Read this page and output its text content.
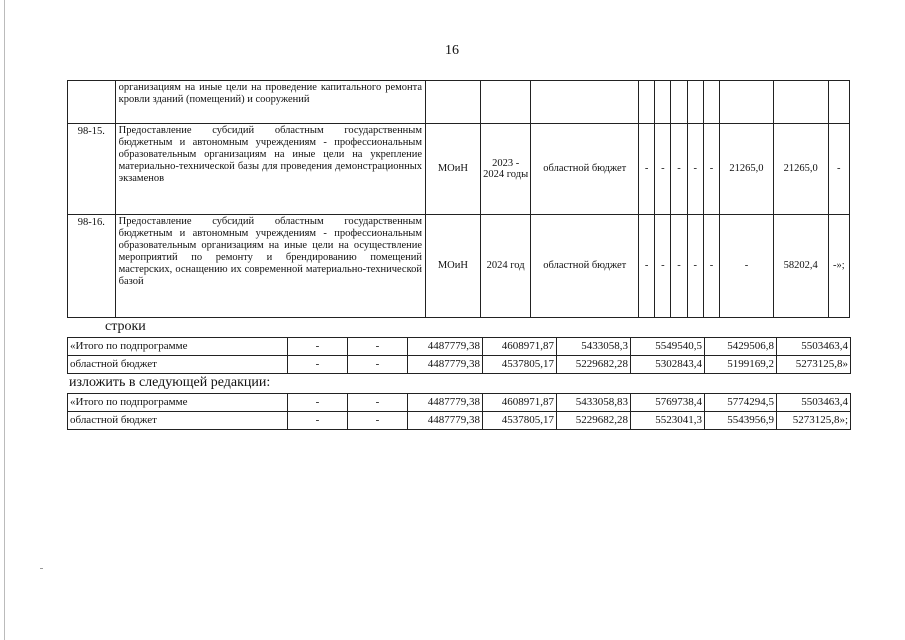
16
	организациям на иные цели на проведение капитального ремонта кровли зданий (помещений) и сооружений											
98-15.	Предоставление субсидий областным государственным бюджетным и автономным учреждениям - профессиональным образовательным организациям на иные цели на укрепление материально-технической базы для проведения демонстрационных экзаменов	МОиН	2023 - 2024 годы	областной бюджет	-	-	-	-	-	21265,0	21265,0	-
98-16.	Предоставление субсидий областным государственным бюджетным и автономным учреждениям - профессиональным образовательным организациям на иные цели на осуществление мероприятий по ремонту и брендированию помещений мастерских, оснащению их современной материально-технической базой	МОиН	2024 год	областной бюджет	-	-	-	-	-	-	58202,4	-»;
строки
«Итого по подпрограмме	-	-	4487779,38	4608971,87	5433058,3	5549540,5	5429506,8	5503463,4
областной бюджет	-	-	4487779,38	4537805,17	5229682,28	5302843,4	5199169,2	5273125,8»
изложить в следующей редакции:
«Итого по подпрограмме	-	-	4487779,38	4608971,87	5433058,83	5769738,4	5774294,5	5503463,4
областной бюджет	-	-	4487779,38	4537805,17	5229682,28	5523041,3	5543956,9	5273125,8»;
